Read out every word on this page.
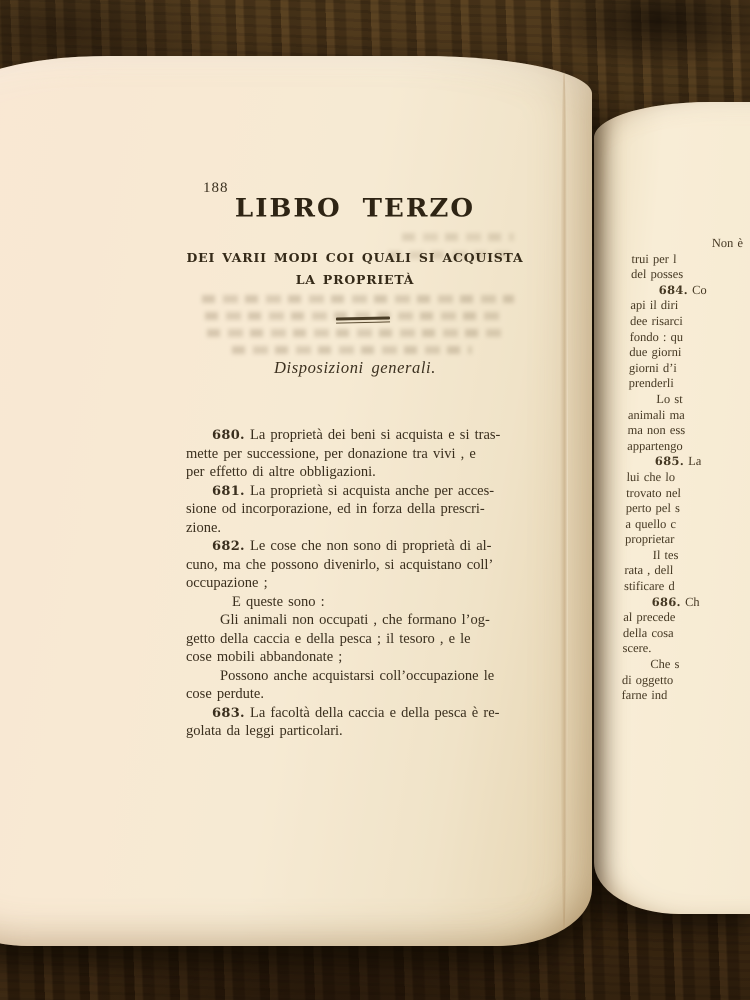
188
LIBRO TERZO
DEI VARII MODI COI QUALI SI ACQUISTA
LA PROPRIETÀ
Disposizioni generali.
680. La proprietà dei beni si acquista e si tras-
mette per successione, per donazione tra vivi , e
per effetto di altre obbligazioni.
681. La proprietà si acquista anche per acces-
sione od incorporazione, ed in forza della prescri-
zione.
682. Le cose che non sono di proprietà di al-
cuno, ma che possono divenirlo, si acquistano coll’
occupazione ;
E queste sono :
Gli animali non occupati , che formano l’og-
getto della caccia e della pesca ; il tesoro , e le
cose mobili abbandonate ;
Possono anche acquistarsi coll’occupazione le
cose perdute.
683. La facoltà della caccia e della pesca è re-
golata da leggi particolari.
Non è
trui per l
del posses
684. Co
api il diri
dee risarci
fondo : qu
due giorni
giorni d’i
prenderli
Lo st
animali ma
ma non ess
appartengo
685. La
lui che lo
trovato nel
perto pel s
a quello c
proprietar
Il tes
rata , dell
stificare d
686. Ch
al precede
della cosa
scere.
Che s
di oggetto
farne ind
